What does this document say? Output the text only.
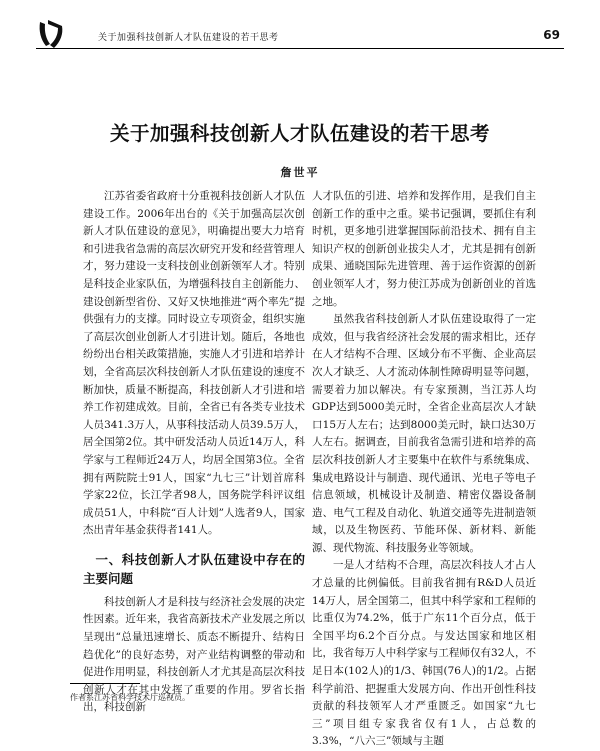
关于加强科技创新人才队伍建设的若干思考	69
关于加强科技创新人才队伍建设的若干思考
詹世平

江苏省委省政府十分重视科技创新人才队伍建设工作。2006年出台的《关于加强高层次创新人才队伍建设的意见》，明确提出要大力培育和引进我省急需的高层次研究开发和经营管理人才，努力建设一支科技创业创新领军人才。特别是科技企业家队伍，为增强科技自主创新能力、建设创新型省份、又好又快地推进“两个率先”提供强有力的支撑。同时设立专项资金，组织实施了高层次创业创新人才引进计划。随后，各地也纷纷出台相关政策措施，实施人才引进和培养计划，全省高层次科技创新人才队伍建设的速度不断加快，质量不断提高，科技创新人才引进和培养工作初建成效。目前，全省已有各类专业技术人员341.3万人，从事科技活动人员39.5万人，居全国第2位。其中研发活动人员近14万人，科学家与工程师近24万人，均居全国第3位。全省拥有两院院士91人，国家“九七三”计划首席科学家22位，长江学者98人，国务院学科评议组成员51人，中科院“百人计划”人选者9人，国家杰出青年基金获得者141人。

一、科技创新人才队伍建设中存在的主要问题

科技创新人才是科技与经济社会发展的决定性因素。近年来，我省高新技术产业发展之所以呈现出“总量迅速增长、质态不断提升、结构日趋优化”的良好态势，对产业结构调整的带动和促进作用明显，科技创新人才尤其是高层次科技创新人才在其中发挥了重要的作用。罗省长指出，科技创新

人才队伍的引进、培养和发挥作用，是我们自主创新工作的重中之重。梁书记强调，要抓住有利时机，更多地引进掌握国际前沿技术、拥有自主知识产权的创新创业拔尖人才，尤其是拥有创新成果、通晓国际先进管理、善于运作资源的创新创业领军人才，努力使江苏成为创新创业的首选之地。

虽然我省科技创新人才队伍建设取得了一定成效，但与我省经济社会发展的需求相比，还存在人才结构不合理、区域分布不平衡、企业高层次人才缺乏、人才流动体制性障碍明显等问题，需要着力加以解决。有专家预测，当江苏人均GDP达到5000美元时，全省企业高层次人才缺口15万人左右；达到8000美元时，缺口达30万人左右。据调查，目前我省急需引进和培养的高层次科技创新人才主要集中在软件与系统集成、集成电路设计与制造、现代通讯、光电子等电子信息领域，机械设计及制造、精密仪器设备制造、电气工程及自动化、轨道交通等先进制造领域，以及生物医药、节能环保、新材料、新能源、现代物流、科技服务业等领域。

一是人才结构不合理，高层次科技人才占人才总量的比例偏低。目前我省拥有R&D人员近14万人，居全国第二，但其中科学家和工程师的比重仅为74.2%，低于广东11个百分点，低于全国平均6.2个百分点。与发达国家和地区相比，我省每万人中科学家与工程师仅有32人，不足日本(102人)的1/3、韩国(76人)的1/2。占据科学前沿、把握重大发展方向、作出开创性科技贡献的科技领军人才严重匮乏。如国家“九七三”项目组专家我省仅有1人，占总数的3.3%，“八六三”领域与主题

作者系江苏省科学技术厅巡视员。
